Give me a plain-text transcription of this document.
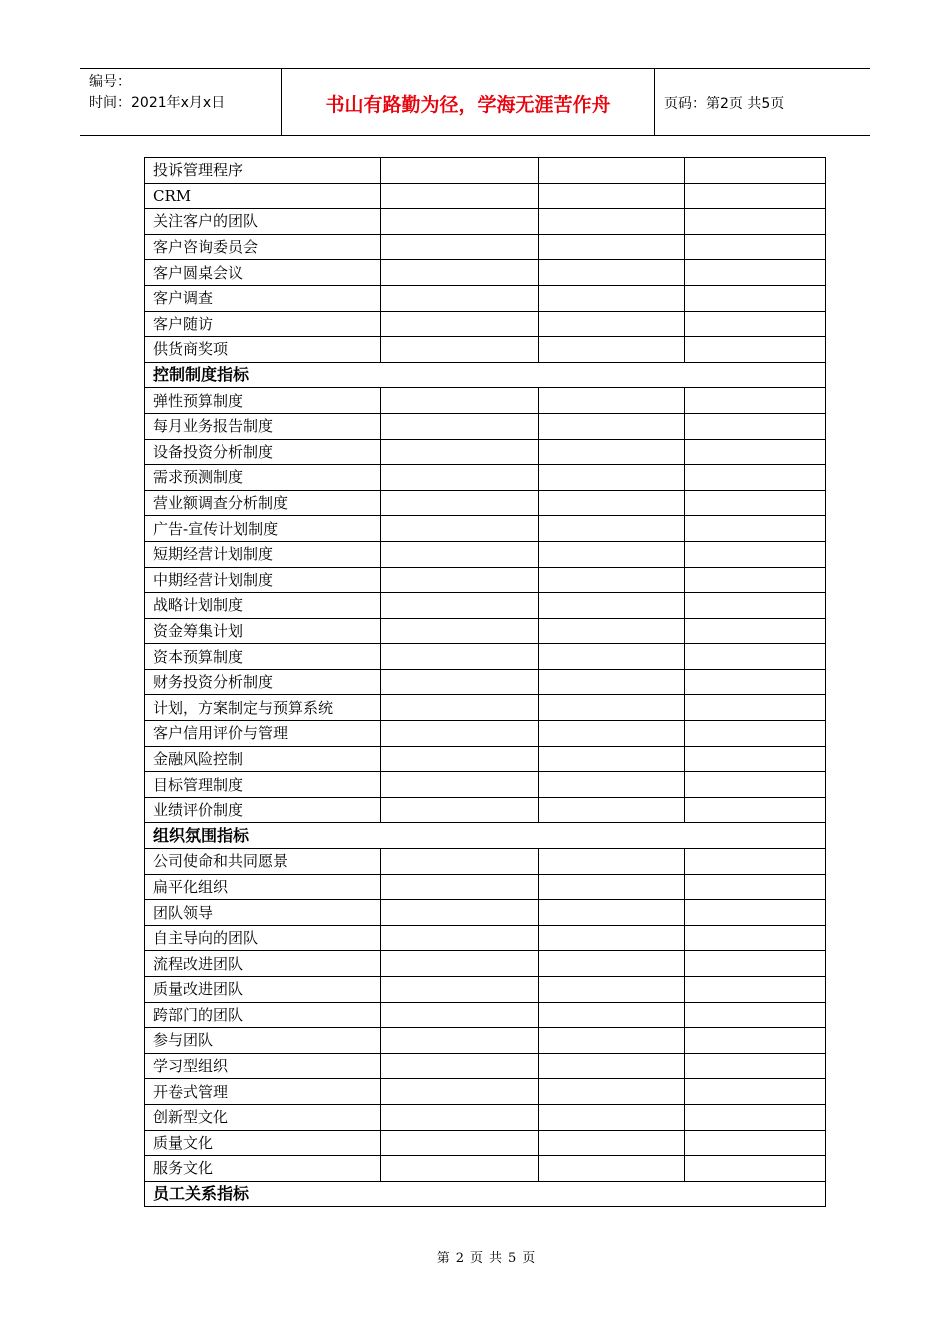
编号：
时间：2021年x月x日	书山有路勤为径，学海无涯苦作舟	页码：第2页 共5页
投诉管理程序			
CRM			
关注客户的团队			
客户咨询委员会			
客户圆桌会议			
客户调查			
客户随访			
供货商奖项			
控制制度指标			
弹性预算制度			
每月业务报告制度			
设备投资分析制度			
需求预测制度			
营业额调查分析制度			
广告-宣传计划制度			
短期经营计划制度			
中期经营计划制度			
战略计划制度			
资金筹集计划			
资本预算制度			
财务投资分析制度			
计划，方案制定与预算系统			
客户信用评价与管理			
金融风险控制			
目标管理制度			
业绩评价制度			
组织氛围指标			
公司使命和共同愿景			
扁平化组织			
团队领导			
自主导向的团队			
流程改进团队			
质量改进团队			
跨部门的团队			
参与团队			
学习型组织			
开卷式管理			
创新型文化			
质量文化			
服务文化			
员工关系指标			
第 2 页 共 5 页
